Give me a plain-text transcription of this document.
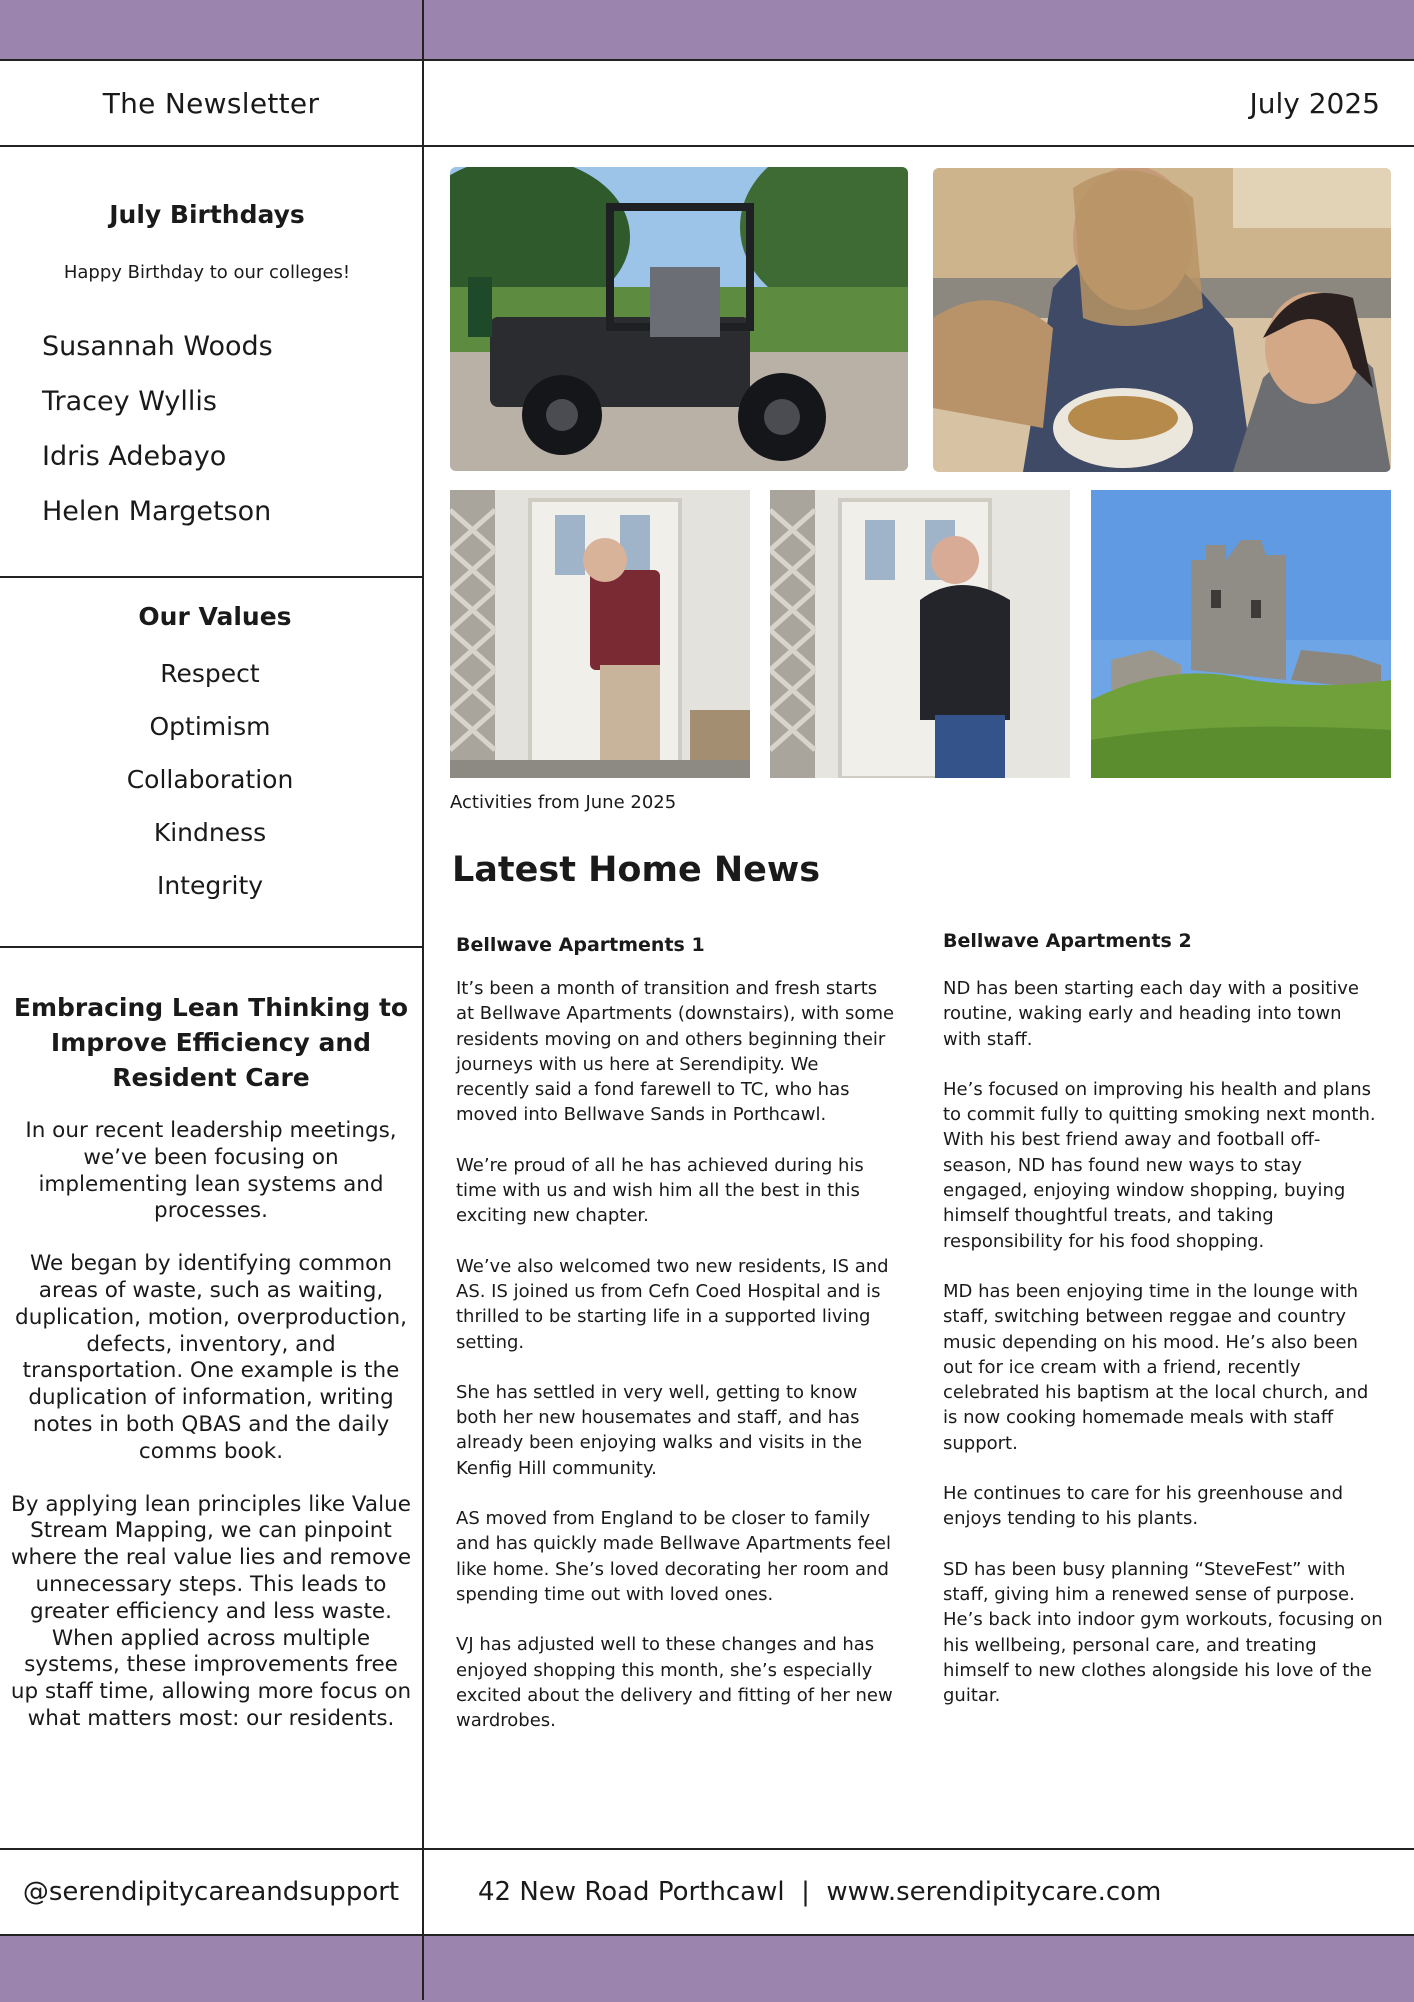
The Newsletter	July 2025
July Birthdays
Happy Birthday to our colleges!
Susannah Woods
Tracey Wyllis
Idris Adebayo
Helen Margetson
Our Values
Respect
Optimism
Collaboration
Kindness
Integrity
Embracing Lean Thinking to Improve Efficiency and Resident Care

In our recent leadership meetings, we’ve been focusing on implementing lean systems and processes.

We began by identifying common areas of waste, such as waiting, duplication, motion, overproduction, defects, inventory, and transportation. One example is the duplication of information, writing notes in both QBAS and the daily comms book.

By applying lean principles like Value Stream Mapping, we can pinpoint where the real value lies and remove unnecessary steps. This leads to greater efficiency and less waste. When applied across multiple systems, these improvements free up staff time, allowing more focus on what matters most: our residents.

Activities from June 2025
Latest Home News
Bellwave Apartments 1

It’s been a month of transition and fresh starts at Bellwave Apartments (downstairs), with some residents moving on and others beginning their journeys with us here at Serendipity. We recently said a fond farewell to TC, who has moved into Bellwave Sands in Porthcawl.

We’re proud of all he has achieved during his time with us and wish him all the best in this exciting new chapter.

We’ve also welcomed two new residents, IS and AS. IS joined us from Cefn Coed Hospital and is thrilled to be starting life in a supported living setting.

She has settled in very well, getting to know both her new housemates and staff, and has already been enjoying walks and visits in the Kenfig Hill community.

AS moved from England to be closer to family and has quickly made Bellwave Apartments feel like home. She’s loved decorating her room and spending time out with loved ones.

VJ has adjusted well to these changes and has enjoyed shopping this month, she’s especially excited about the delivery and fitting of her new wardrobes.

Bellwave Apartments 2

ND has been starting each day with a positive routine, waking early and heading into town with staff.

He’s focused on improving his health and plans to commit fully to quitting smoking next month. With his best friend away and football off-season, ND has found new ways to stay engaged, enjoying window shopping, buying himself thoughtful treats, and taking responsibility for his food shopping.

MD has been enjoying time in the lounge with staff, switching between reggae and country music depending on his mood. He’s also been out for ice cream with a friend, recently celebrated his baptism at the local church, and is now cooking homemade meals with staff support.

He continues to care for his greenhouse and enjoys tending to his plants.

SD has been busy planning “SteveFest” with staff, giving him a renewed sense of purpose. He’s back into indoor gym workouts, focusing on his wellbeing, personal care, and treating himself to new clothes alongside his love of the guitar.

@serendipitycareandsupport	42 New Road Porthcawl
|
www.serendipitycare.com
